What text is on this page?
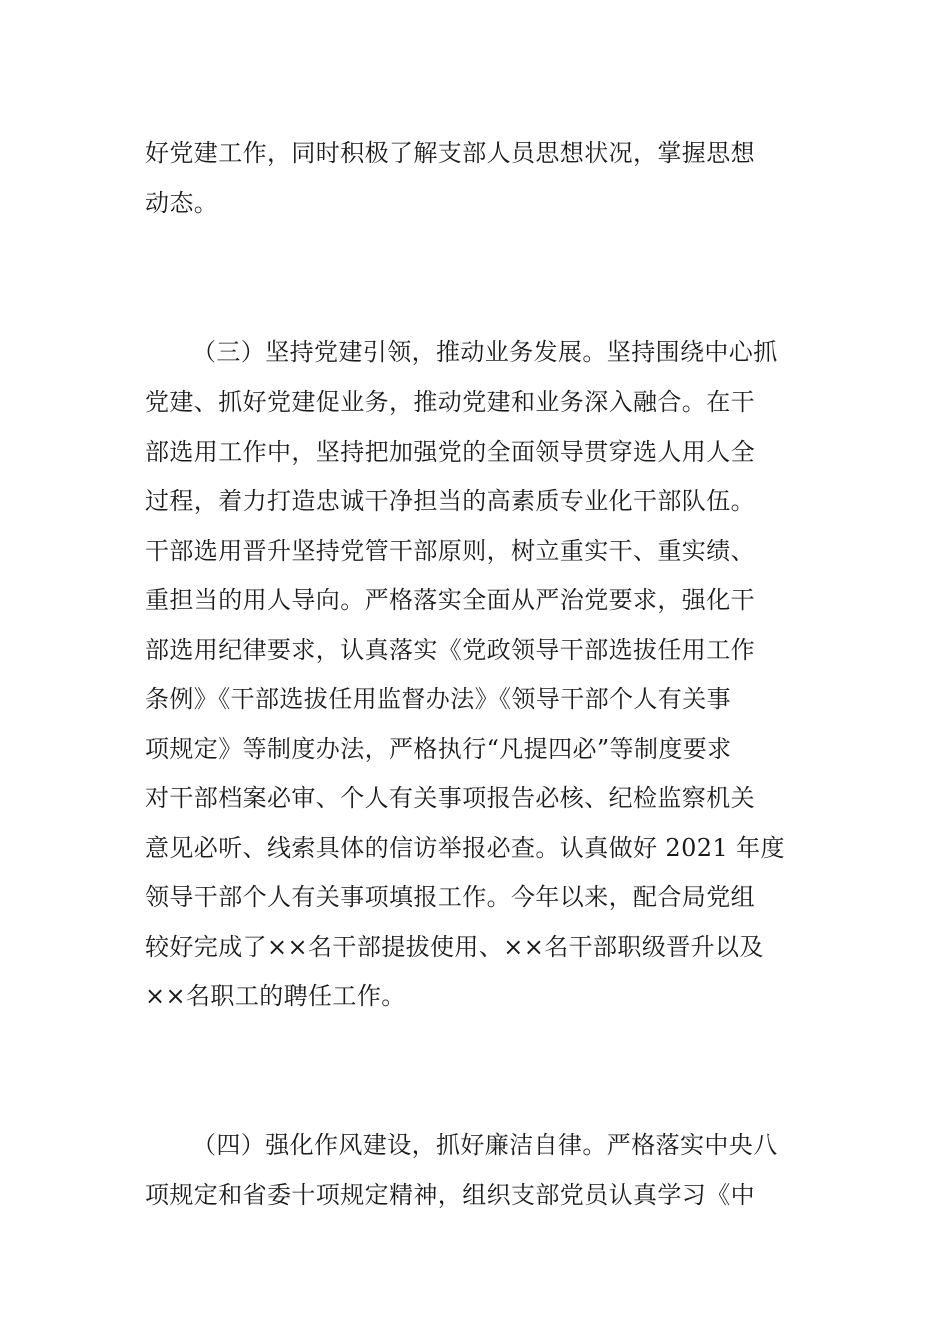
好党建工作，同时积极了解支部人员思想状况，掌握思想

动态。

（三）坚持党建引领，推动业务发展。坚持围绕中心抓

党建、抓好党建促业务，推动党建和业务深入融合。在干

部选用工作中，坚持把加强党的全面领导贯穿选人用人全

过程，着力打造忠诚干净担当的高素质专业化干部队伍。

干部选用晋升坚持党管干部原则，树立重实干、重实绩、

重担当的用人导向。严格落实全面从严治党要求，强化干

部选用纪律要求，认真落实《党政领导干部选拔任用工作

条例》《干部选拔任用监督办法》《领导干部个人有关事

项规定》等制度办法，严格执行“凡提四必”等制度要求

对干部档案必审、个人有关事项报告必核、纪检监察机关

意见必听、线索具体的信访举报必查。认真做好 2021 年度

领导干部个人有关事项填报工作。今年以来，配合局党组

较好完成了××名干部提拔使用、××名干部职级晋升以及

××名职工的聘任工作。

（四）强化作风建设，抓好廉洁自律。严格落实中央八

项规定和省委十项规定精神，组织支部党员认真学习《中
